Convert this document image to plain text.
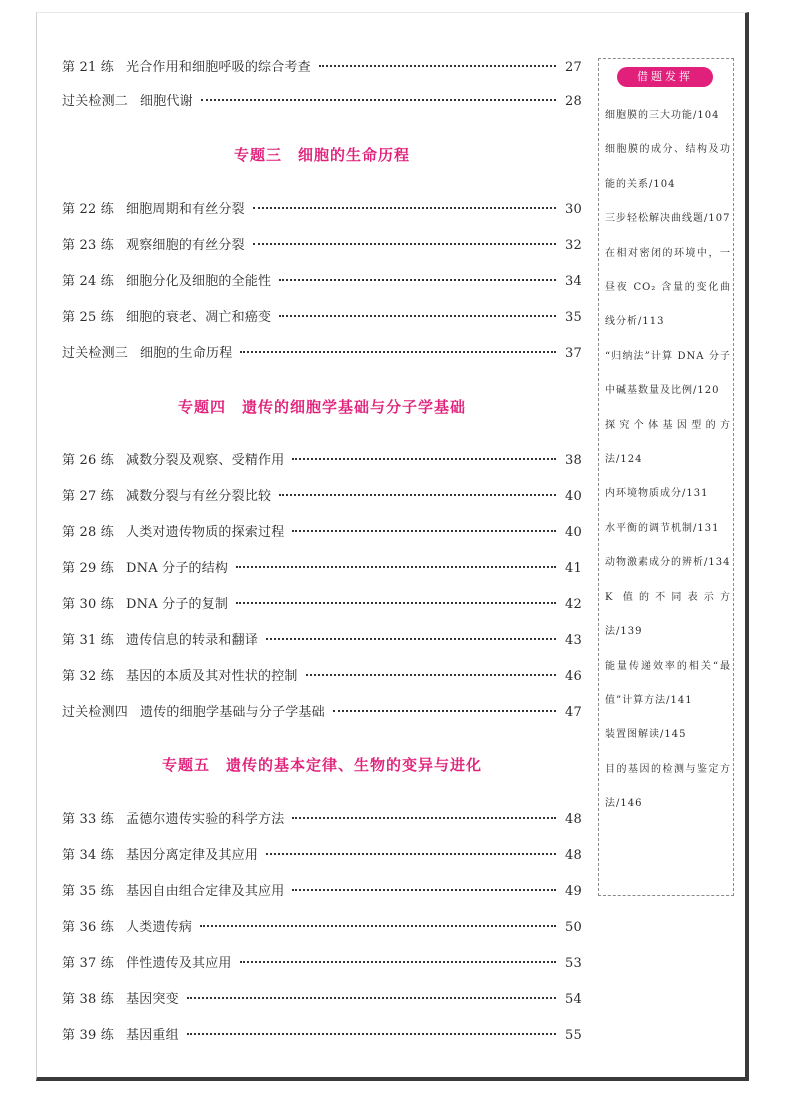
第 21 练 光合作用和细胞呼吸的综合考查	27
过关检测二 细胞代谢	28
专题三　细胞的生命历程
第 22 练 细胞周期和有丝分裂	30
第 23 练 观察细胞的有丝分裂	32
第 24 练 细胞分化及细胞的全能性	34
第 25 练 细胞的衰老、凋亡和癌变	35
过关检测三 细胞的生命历程	37
专题四　遗传的细胞学基础与分子学基础
第 26 练 减数分裂及观察、受精作用	38
第 27 练 减数分裂与有丝分裂比较	40
第 28 练 人类对遗传物质的探索过程	40
第 29 练 DNA 分子的结构	41
第 30 练 DNA 分子的复制	42
第 31 练 遗传信息的转录和翻译	43
第 32 练 基因的本质及其对性状的控制	46
过关检测四 遗传的细胞学基础与分子学基础	47
专题五　遗传的基本定律、生物的变异与进化
第 33 练 孟德尔遗传实验的科学方法	48
第 34 练 基因分离定律及其应用	48
第 35 练 基因自由组合定律及其应用	49
第 36 练 人类遗传病	50
第 37 练 伴性遗传及其应用	53
第 38 练 基因突变	54
第 39 练 基因重组	55
借题发挥
细胞膜的三大功能/104
细胞膜的成分、结构及功能的关系/104
三步轻松解决曲线题/107
在相对密闭的环境中，一昼夜 CO₂ 含量的变化曲线分析/113
“归纳法”计算 DNA 分子中碱基数量及比例/120
探究个体基因型的方法/124
内环境物质成分/131
水平衡的调节机制/131
动物激素成分的辨析/134
K 值的不同表示方法/139
能量传递效率的相关“最值”计算方法/141
装置图解读/145
目的基因的检测与鉴定方法/146
